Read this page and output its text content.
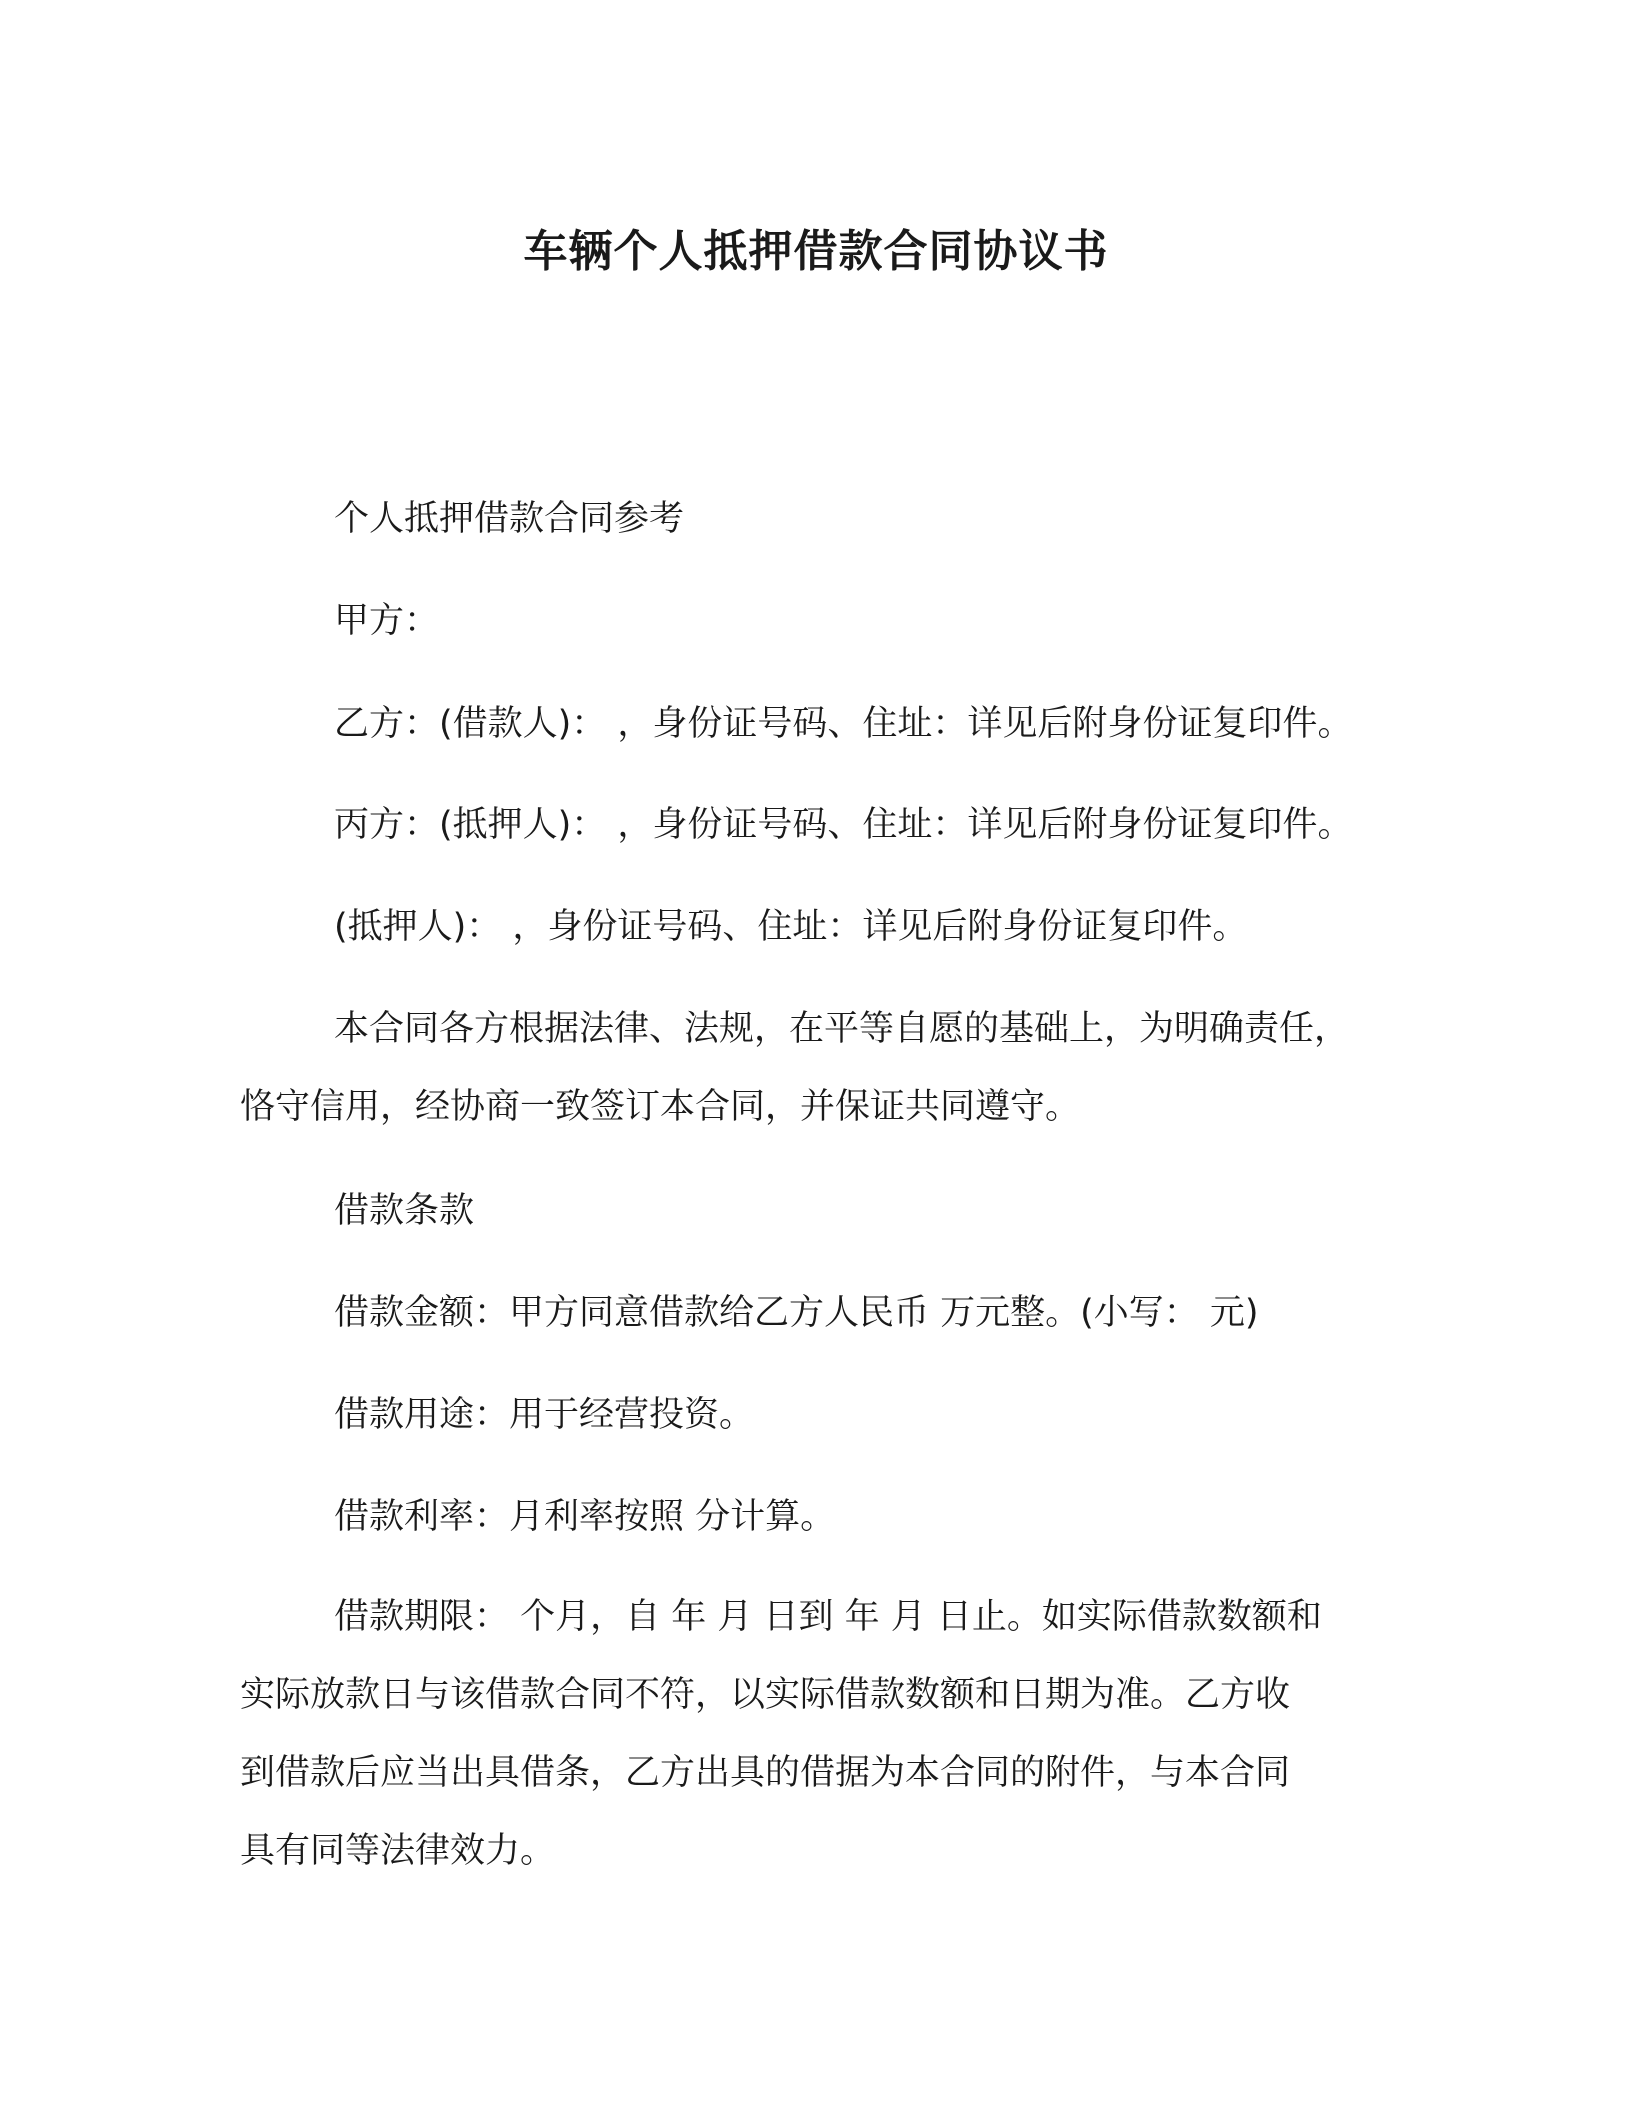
车辆个人抵押借款合同协议书
个人抵押借款合同参考
甲方：
乙方：(借款人)： ，身份证号码、住址：详见后附身份证复印件。
丙方：(抵押人)： ，身份证号码、住址：详见后附身份证复印件。
(抵押人)： ，身份证号码、住址：详见后附身份证复印件。
本合同各方根据法律、法规，在平等自愿的基础上，为明确责任，
恪守信用，经协商一致签订本合同，并保证共同遵守。
借款条款
借款金额：甲方同意借款给乙方人民币 万元整。(小写： 元)
借款用途：用于经营投资。
借款利率：月利率按照 分计算。
借款期限： 个月，自 年 月 日到 年 月 日止。如实际借款数额和
实际放款日与该借款合同不符，以实际借款数额和日期为准。乙方收
到借款后应当出具借条，乙方出具的借据为本合同的附件，与本合同
具有同等法律效力。
